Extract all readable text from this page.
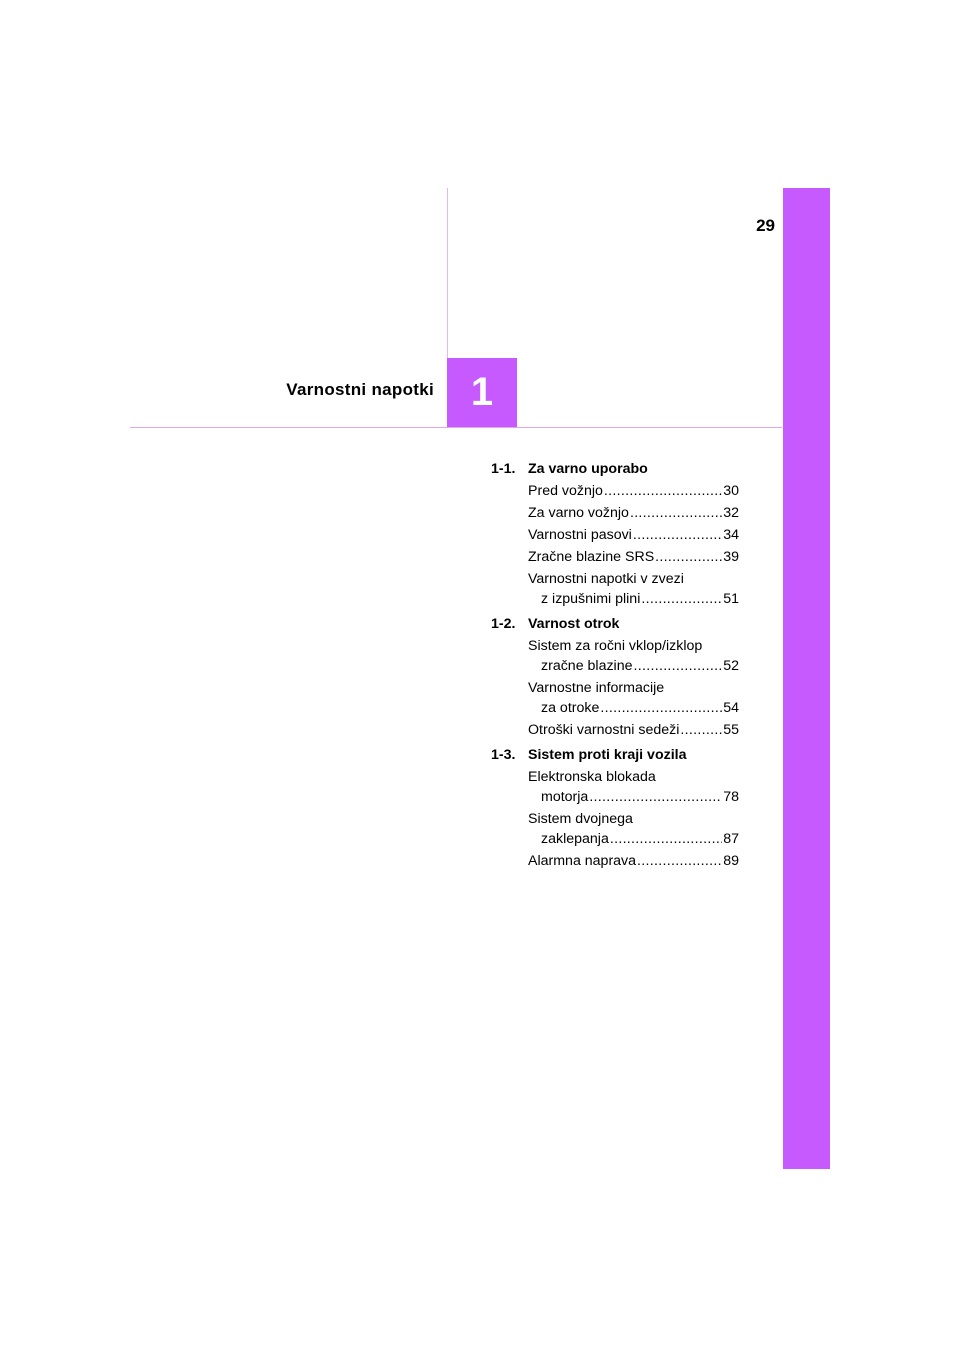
29
1
Varnostni napotki
1-1. Za varno uporabo
Pred vožnjo .....	30
Za varno vožnjo .....	32
Varnostni pasovi .....	34
Zračne blazine SRS .....	39
Varnostni napotki v zvezi
z izpušnimi plini .....	51
1-2. Varnost otrok
Sistem za ročni vklop/izklop
zračne blazine .....	52
Varnostne informacije
za otroke .....	54
Otroški varnostni sedeži .....	55
1-3. Sistem proti kraji vozila
Elektronska blokada
motorja .....	78
Sistem dvojnega
zaklepanja .....	87
Alarmna naprava .....	89
